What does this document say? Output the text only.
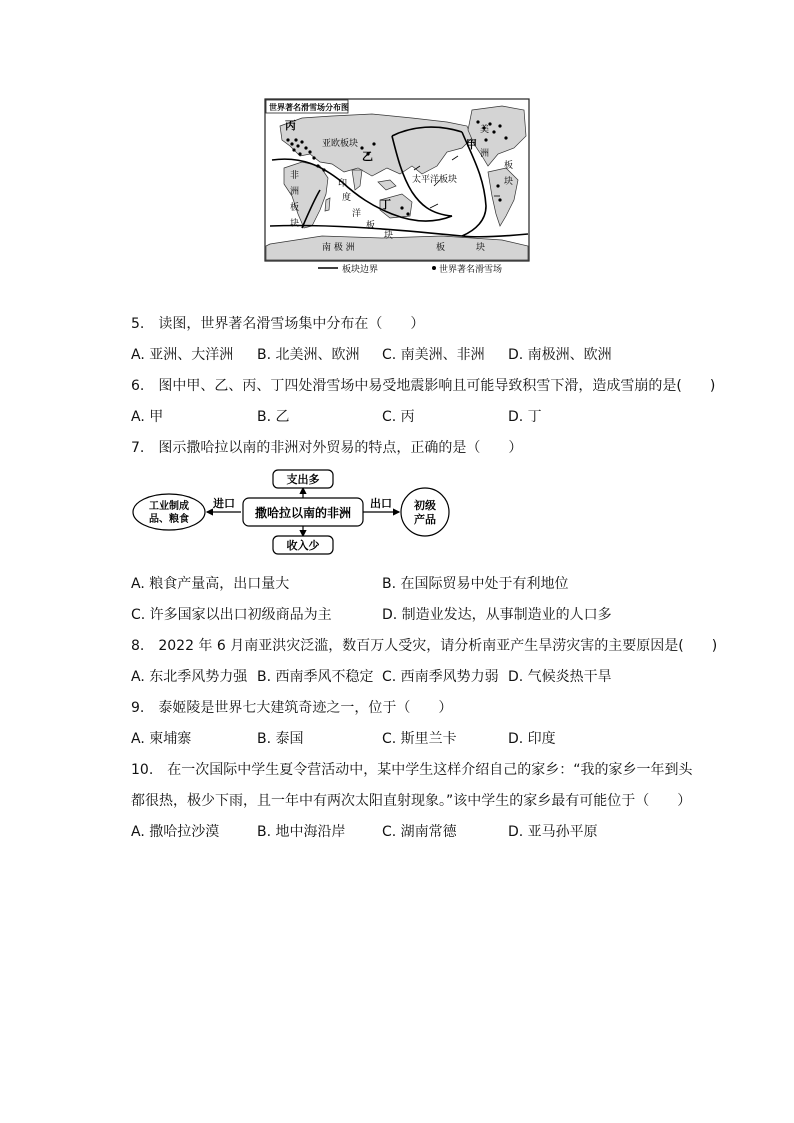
世界著名滑雪场分布图
丙
亚欧板块
乙
甲
美
洲
非
洲
板
块
印
度
洋
丁
板
块
太平洋板块
板
块
南 极 洲	板	块
板块边界	世界著名滑雪场
5.　读图，世界著名滑雪场集中分布在（　　）
A. 亚洲、大洋洲 B. 北美洲、欧洲 C. 南美洲、非洲 D. 南极洲、欧洲
6.　图中甲、乙、丙、丁四处滑雪场中易受地震影响且可能导致积雪下滑，造成雪崩的是(　　)
A. 甲	B. 乙	C. 丙	D. 丁
7.　图示撒哈拉以南的非洲对外贸易的特点，正确的是（　　）
工业制成
品、粮食
进口
撒哈拉以南的非洲
支出多
收入少
出口 初级
产品
A. 粮食产量高，出口量大	B. 在国际贸易中处于有利地位
C. 许多国家以出口初级商品为主	D. 制造业发达，从事制造业的人口多
8.　2022 年 6 月南亚洪灾泛滥，数百万人受灾，请分析南亚产生旱涝灾害的主要原因是(　　)
A. 东北季风势力强 B. 西南季风不稳定 C. 西南季风势力弱 D. 气候炎热干旱
9.　泰姬陵是世界七大建筑奇迹之一，位于（　　）
A. 柬埔寨	B. 泰国	C. 斯里兰卡	D. 印度
10.　在一次国际中学生夏令营活动中，某中学生这样介绍自己的家乡：“我的家乡一年到头
都很热，极少下雨，且一年中有两次太阳直射现象。”该中学生的家乡最有可能位于（　　）
A. 撒哈拉沙漠	B. 地中海沿岸	C. 湖南常德	D. 亚马孙平原
